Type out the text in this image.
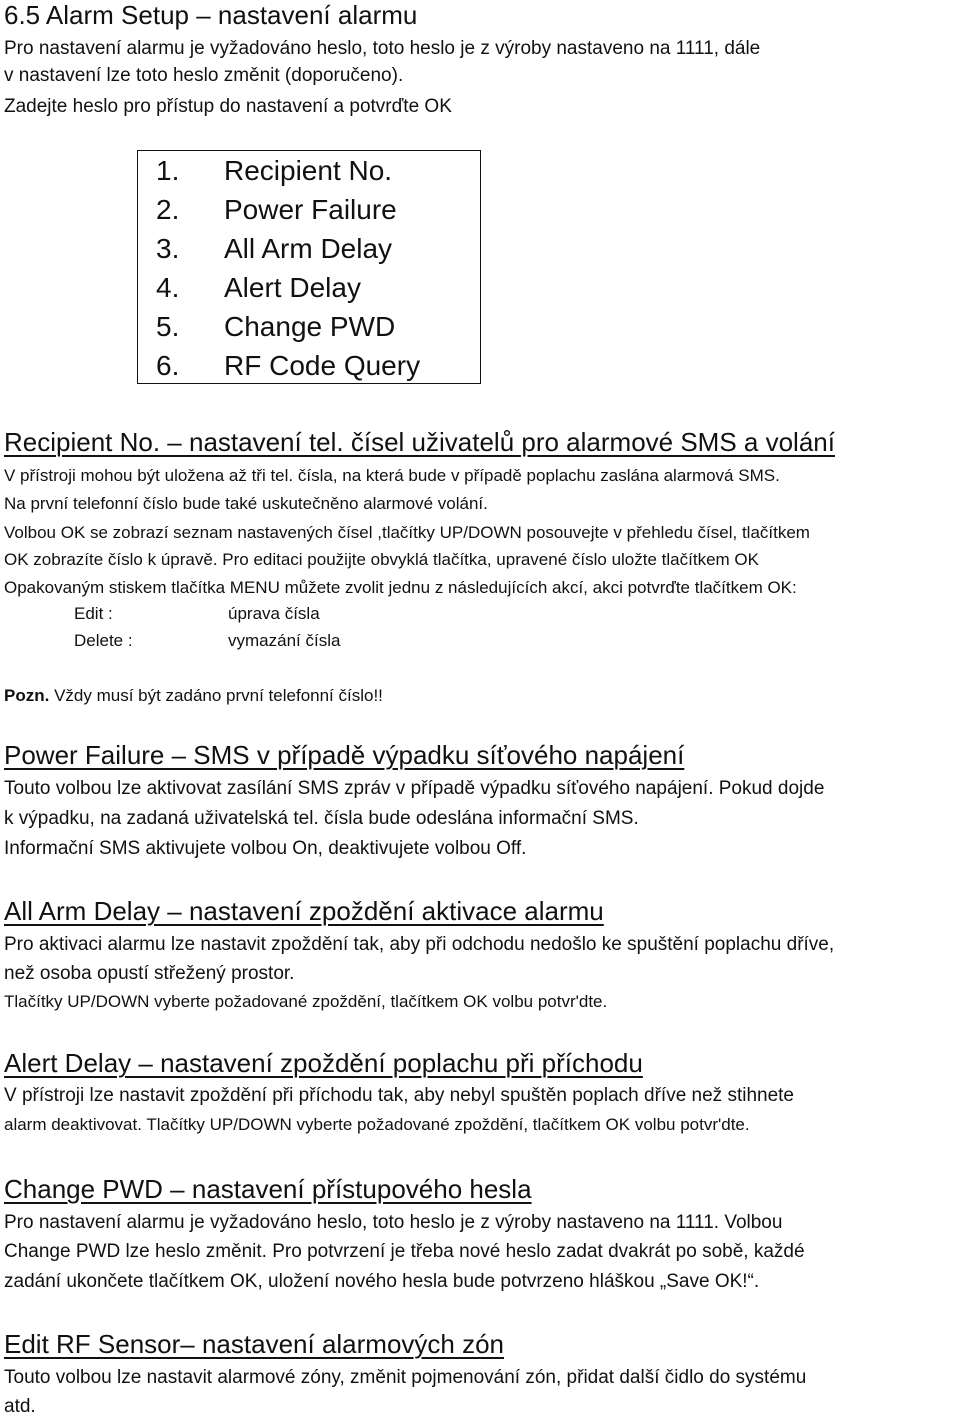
6.5 Alarm Setup – nastavení alarmu
Pro nastavení alarmu je vyžadováno heslo, toto heslo je z výroby nastaveno na 1111, dále
v nastavení lze toto heslo změnit (doporučeno).
Zadejte heslo pro přístup do nastavení a potvrďte OK
1. Recipient No.
2. Power Failure
3. All Arm Delay
4. Alert Delay
5. Change PWD
6. RF Code Query
Recipient No. – nastavení tel. čísel uživatelů pro alarmové SMS a volání
V přístroji mohou být uložena až tři tel. čísla, na která bude v případě poplachu zaslána alarmová SMS.
Na první telefonní číslo bude také uskutečněno alarmové volání.
Volbou OK se zobrazí seznam nastavených čísel ,tlačítky UP/DOWN posouvejte v přehledu čísel, tlačítkem
OK zobrazíte číslo k úpravě. Pro editaci použijte obvyklá tlačítka, upravené číslo uložte tlačítkem OK
Opakovaným stiskem tlačítka MENU můžete zvolit jednu z následujících akcí, akci potvrďte tlačítkem OK:
Edit :	úprava čísla
Delete :	vymazání čísla
Pozn. Vždy musí být zadáno první telefonní číslo!!
Power Failure – SMS v případě výpadku síťového napájení
Touto volbou lze aktivovat zasílání SMS zpráv v případě výpadku síťového napájení. Pokud dojde
k výpadku, na zadaná uživatelská tel. čísla bude odeslána informační SMS.
Informační SMS aktivujete volbou On, deaktivujete volbou Off.
All Arm Delay – nastavení zpoždění aktivace alarmu
Pro aktivaci alarmu lze nastavit zpoždění tak, aby při odchodu nedošlo ke spuštění poplachu dříve,
než osoba opustí střežený prostor.
Tlačítky UP/DOWN vyberte požadované zpoždění, tlačítkem OK volbu potvr'dte.
Alert Delay – nastavení zpoždění poplachu při příchodu
V přístroji lze nastavit zpoždění při příchodu tak, aby nebyl spuštěn poplach dříve než stihnete
alarm deaktivovat. Tlačítky UP/DOWN vyberte požadované zpoždění, tlačítkem OK volbu potvr'dte.
Change PWD – nastavení přístupového hesla
Pro nastavení alarmu je vyžadováno heslo, toto heslo je z výroby nastaveno na 1111. Volbou
Change PWD lze heslo změnit. Pro potvrzení je třeba nové heslo zadat dvakrát po sobě, každé
zadání ukončete tlačítkem OK, uložení nového hesla bude potvrzeno hláškou „Save OK!“.
Edit RF Sensor– nastavení alarmových zón
Touto volbou lze nastavit alarmové zóny, změnit pojmenování zón, přidat další čidlo do systému
atd.
